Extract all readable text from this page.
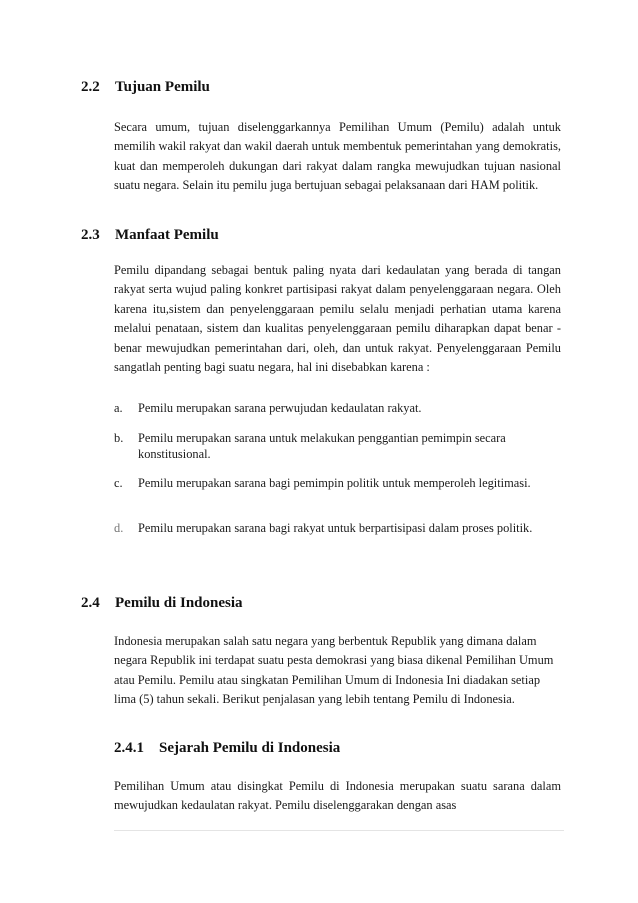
2.2 Tujuan Pemilu

Secara umum, tujuan diselenggarkannya Pemilihan Umum (Pemilu) adalah untuk memilih wakil rakyat dan wakil daerah untuk membentuk pemerintahan yang demokratis, kuat dan memperoleh dukungan dari rakyat dalam rangka mewujudkan tujuan nasional suatu negara. Selain itu pemilu juga bertujuan sebagai pelaksanaan dari HAM politik.

2.3 Manfaat Pemilu

Pemilu dipandang sebagai bentuk paling nyata dari kedaulatan yang berada di tangan rakyat serta wujud paling konkret partisipasi rakyat dalam penyelenggaraan negara. Oleh karena itu,sistem dan penyelenggaraan pemilu selalu menjadi perhatian utama karena melalui penataan, sistem dan kualitas penyelenggaraan pemilu diharapkan dapat benar - benar mewujudkan pemerintahan dari, oleh, dan untuk rakyat. Penyelenggaraan Pemilu sangatlah penting bagi suatu negara, hal ini disebabkan karena :

a.	Pemilu merupakan sarana perwujudan kedaulatan rakyat.
b.	Pemilu merupakan sarana untuk melakukan penggantian pemimpin secara konstitusional.
c.	Pemilu merupakan sarana bagi pemimpin politik untuk memperoleh legitimasi.
d.	Pemilu merupakan sarana bagi rakyat untuk berpartisipasi dalam proses politik.
2.4 Pemilu di Indonesia

Indonesia merupakan salah satu negara yang berbentuk Republik yang dimana dalam negara Republik ini terdapat suatu pesta demokrasi yang biasa dikenal Pemilihan Umum atau Pemilu. Pemilu atau singkatan Pemilihan Umum di Indonesia Ini diadakan setiap lima (5) tahun sekali. Berikut penjalasan yang lebih tentang Pemilu di Indonesia.

2.4.1 Sejarah Pemilu di Indonesia

Pemilihan Umum atau disingkat Pemilu di Indonesia merupakan suatu sarana dalam mewujudkan kedaulatan rakyat. Pemilu diselenggarakan dengan asas
